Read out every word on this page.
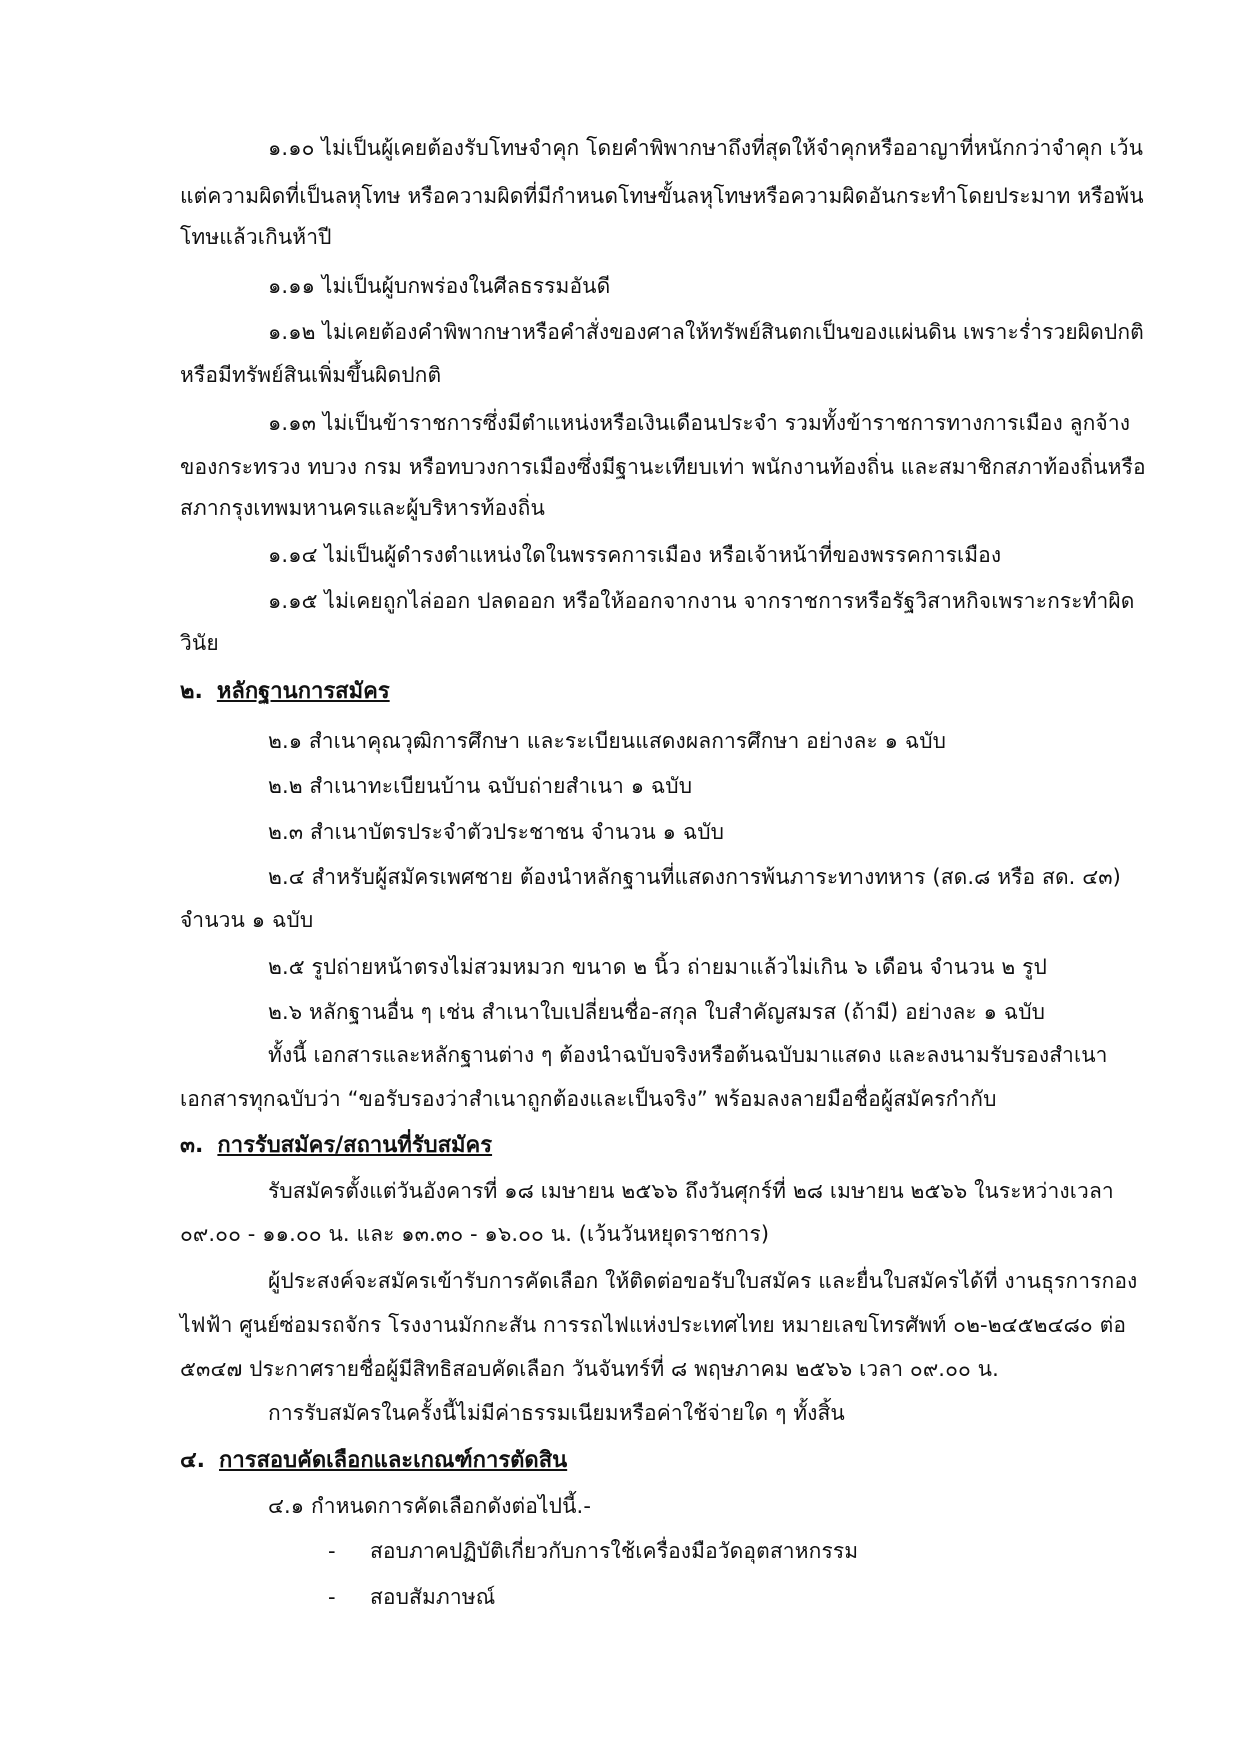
๑.๑๐ ไม่เป็นผู้เคยต้องรับโทษจำคุก โดยคำพิพากษาถึงที่สุดให้จำคุกหรืออาญาที่หนักกว่าจำคุก เว้น
แต่ความผิดที่เป็นลหุโทษ หรือความผิดที่มีกำหนดโทษขั้นลหุโทษหรือความผิดอันกระทำโดยประมาท หรือพ้น
โทษแล้วเกินห้าปี
๑.๑๑ ไม่เป็นผู้บกพร่องในศีลธรรมอันดี
๑.๑๒ ไม่เคยต้องคำพิพากษาหรือคำสั่งของศาลให้ทรัพย์สินตกเป็นของแผ่นดิน เพราะร่ำรวยผิดปกติ
หรือมีทรัพย์สินเพิ่มขึ้นผิดปกติ
๑.๑๓ ไม่เป็นข้าราชการซึ่งมีตำแหน่งหรือเงินเดือนประจำ รวมทั้งข้าราชการทางการเมือง ลูกจ้าง
ของกระทรวง ทบวง กรม หรือทบวงการเมืองซึ่งมีฐานะเทียบเท่า พนักงานท้องถิ่น และสมาชิกสภาท้องถิ่นหรือ
สภากรุงเทพมหานครและผู้บริหารท้องถิ่น
๑.๑๔ ไม่เป็นผู้ดำรงตำแหน่งใดในพรรคการเมือง หรือเจ้าหน้าที่ของพรรคการเมือง
๑.๑๕ ไม่เคยถูกไล่ออก ปลดออก หรือให้ออกจากงาน จากราชการหรือรัฐวิสาหกิจเพราะกระทำผิด
วินัย
๒. หลักฐานการสมัคร
๒.๑ สำเนาคุณวุฒิการศึกษา และระเบียนแสดงผลการศึกษา อย่างละ ๑ ฉบับ
๒.๒ สำเนาทะเบียนบ้าน ฉบับถ่ายสำเนา ๑ ฉบับ
๒.๓ สำเนาบัตรประจำตัวประชาชน จำนวน ๑ ฉบับ
๒.๔ สำหรับผู้สมัครเพศชาย ต้องนำหลักฐานที่แสดงการพ้นภาระทางทหาร (สด.๘ หรือ สด. ๔๓)
จำนวน ๑ ฉบับ
๒.๕ รูปถ่ายหน้าตรงไม่สวมหมวก ขนาด ๒ นิ้ว ถ่ายมาแล้วไม่เกิน ๖ เดือน จำนวน ๒ รูป
๒.๖ หลักฐานอื่น ๆ เช่น สำเนาใบเปลี่ยนชื่อ-สกุล ใบสำคัญสมรส (ถ้ามี) อย่างละ ๑ ฉบับ
ทั้งนี้ เอกสารและหลักฐานต่าง ๆ ต้องนำฉบับจริงหรือต้นฉบับมาแสดง และลงนามรับรองสำเนา
เอกสารทุกฉบับว่า “ขอรับรองว่าสำเนาถูกต้องและเป็นจริง” พร้อมลงลายมือชื่อผู้สมัครกำกับ
๓. การรับสมัคร/สถานที่รับสมัคร
รับสมัครตั้งแต่วันอังคารที่ ๑๘ เมษายน ๒๕๖๖ ถึงวันศุกร์ที่ ๒๘ เมษายน ๒๕๖๖ ในระหว่างเวลา
๐๙.๐๐ - ๑๑.๐๐ น. และ ๑๓.๓๐ - ๑๖.๐๐ น. (เว้นวันหยุดราชการ)
ผู้ประสงค์จะสมัครเข้ารับการคัดเลือก ให้ติดต่อขอรับใบสมัคร และยื่นใบสมัครได้ที่ งานธุรการกอง
ไฟฟ้า ศูนย์ซ่อมรถจักร โรงงานมักกะสัน การรถไฟแห่งประเทศไทย หมายเลขโทรศัพท์ ๐๒-๒๔๕๒๔๘๐ ต่อ
๕๓๔๗ ประกาศรายชื่อผู้มีสิทธิสอบคัดเลือก วันจันทร์ที่ ๘ พฤษภาคม ๒๕๖๖ เวลา ๐๙.๐๐ น.
การรับสมัครในครั้งนี้ไม่มีค่าธรรมเนียมหรือค่าใช้จ่ายใด ๆ ทั้งสิ้น
๔. การสอบคัดเลือกและเกณฑ์การตัดสิน
๔.๑ กำหนดการคัดเลือกดังต่อไปนี้.-
- สอบภาคปฏิบัติเกี่ยวกับการใช้เครื่องมือวัดอุตสาหกรรม
- สอบสัมภาษณ์
